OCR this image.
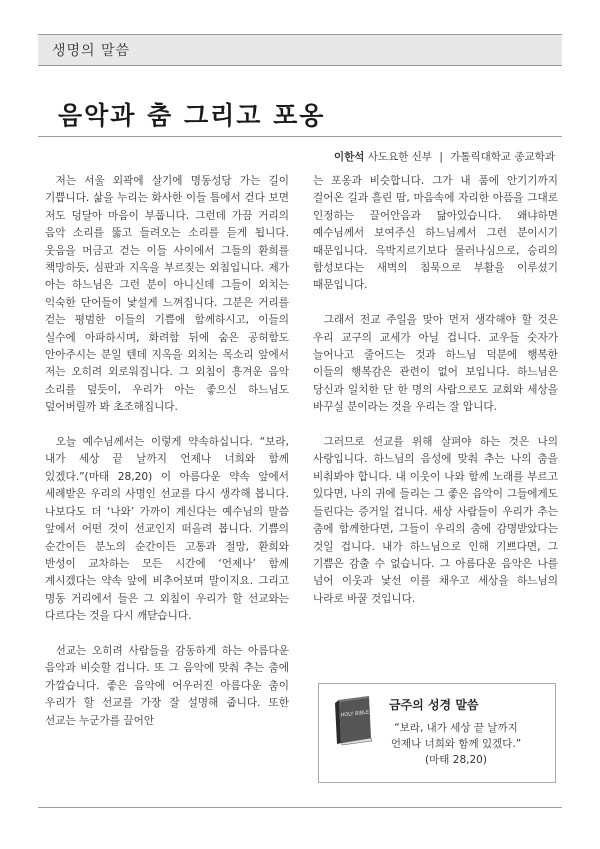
생명의 말씀
음악과 춤 그리고 포옹
이한석 사도요한 신부 | 가톨릭대학교 종교학과

저는 서울 외곽에 살기에 명동성당 가는 길이 기쁩니다. 삶을 누리는 화사한 이들 틈에서 걷다 보면 저도 덩달아 마음이 부풉니다. 그런데 가끔 거리의 음악 소리를 뚫고 들려오는 소리를 듣게 됩니다. 웃음을 머금고 걷는 이들 사이에서 그들의 환희를 책망하듯, 심판과 지옥을 부르짖는 외침입니다. 제가 아는 하느님은 그런 분이 아니신데 그들이 외치는 익숙한 단어들이 낯설게 느껴집니다. 그분은 거리를 걷는 평범한 이들의 기쁨에 함께하시고, 이들의 실수에 아파하시며, 화려함 뒤에 숨은 공허함도 안아주시는 분일 텐데 지옥을 외치는 목소리 앞에서 저는 오히려 외로워집니다. 그 외침이 흥겨운 음악 소리를 덮듯이, 우리가 아는 좋으신 하느님도 덮어버릴까 봐 초조해집니다.

오늘 예수님께서는 이렇게 약속하십니다. “보라, 내가 세상 끝 날까지 언제나 너희와 함께 있겠다.”(마태 28,20) 이 아름다운 약속 앞에서 세례받은 우리의 사명인 선교를 다시 생각해 봅니다. 나보다도 더 ‘나와’ 가까이 계신다는 예수님의 말씀 앞에서 어떤 것이 선교인지 떠올려 봅니다. 기쁨의 순간이든 분노의 순간이든 고통과 절망, 환희와 반성이 교차하는 모든 시간에 ‘언제나’ 함께 계시겠다는 약속 앞에 비추어보며 말이지요. 그리고 명동 거리에서 들은 그 외침이 우리가 할 선교와는 다르다는 것을 다시 깨닫습니다.

선교는 오히려 사람들을 감동하게 하는 아름다운 음악과 비슷할 겁니다. 또 그 음악에 맞춰 추는 춤에 가깝습니다. 좋은 음악에 어우러진 아름다운 춤이 우리가 할 선교를 가장 잘 설명해 줍니다. 또한 선교는 누군가를 끌어안

는 포옹과 비슷합니다. 그가 내 품에 안기기까지 걸어온 길과 흘린 땀, 마음속에 자리한 아픔을 그대로 인정하는 끌어안음과 닮아있습니다. 왜냐하면 예수님께서 보여주신 하느님께서 그런 분이시기 때문입니다. 윽박지르기보다 물러나심으로, 승리의 함성보다는 새벽의 침묵으로 부활을 이루셨기 때문입니다.

그래서 전교 주일을 맞아 먼저 생각해야 할 것은 우리 교구의 교세가 아닐 겁니다. 교우들 숫자가 늘어나고 줄어드는 것과 하느님 덕분에 행복한 이들의 행복감은 관련이 없어 보입니다. 하느님은 당신과 일치한 단 한 명의 사람으로도 교회와 세상을 바꾸실 분이라는 것을 우리는 잘 압니다.

그러므로 선교를 위해 살펴야 하는 것은 나의 사랑입니다. 하느님의 음성에 맞춰 추는 나의 춤을 비춰봐야 합니다. 내 이웃이 나와 함께 노래를 부르고 있다면, 나의 귀에 들리는 그 좋은 음악이 그들에게도 들린다는 증거일 겁니다. 세상 사람들이 우리가 추는 춤에 함께한다면, 그들이 우리의 춤에 감명받았다는 것일 겁니다. 내가 하느님으로 인해 기쁘다면, 그 기쁨은 감출 수 없습니다. 그 아름다운 음악은 나를 넘어 이웃과 낯선 이를 채우고 세상을 하느님의 나라로 바꿀 것입니다.

HOLY BIBLE
금주의 성경 말씀
“보라, 내가 세상 끝 날까지
언제나 너희와 함께 있겠다.”
(마태 28,20)
